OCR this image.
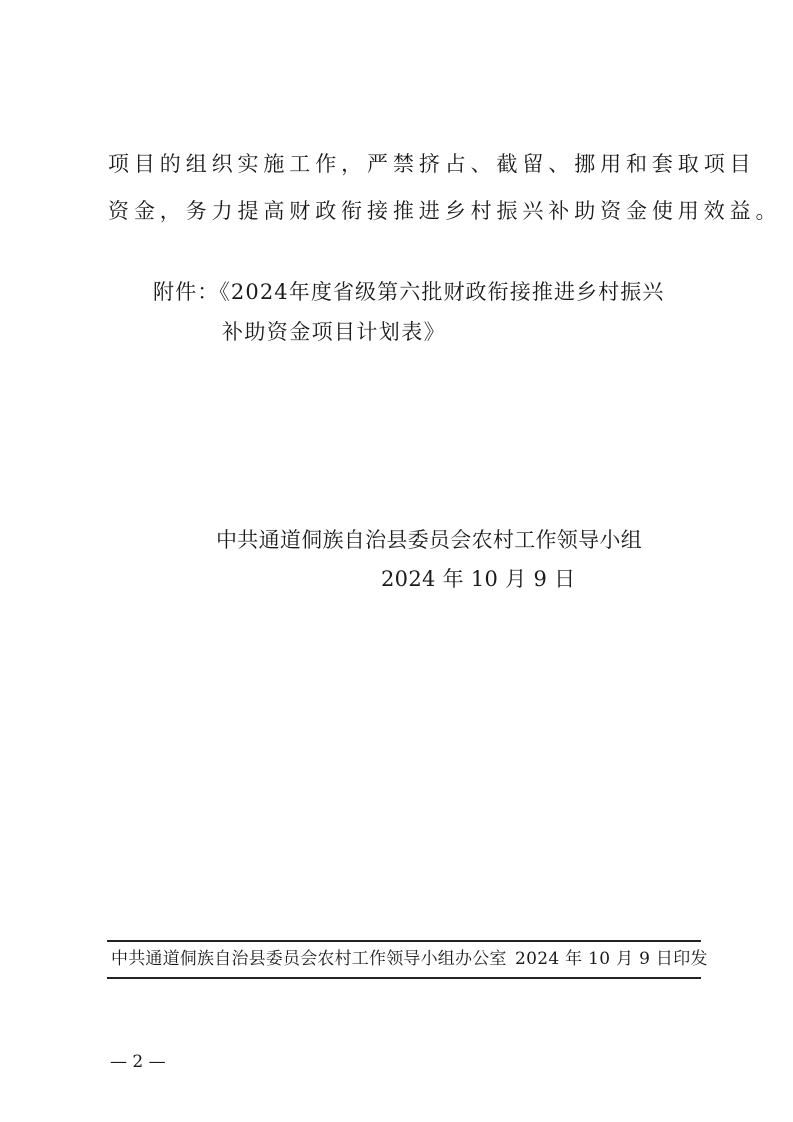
项目的组织实施工作，严禁挤占、截留、挪用和套取项目
资金，务力提高财政衔接推进乡村振兴补助资金使用效益。
附件：《2024年度省级第六批财政衔接推进乡村振兴
补助资金项目计划表》
中共通道侗族自治县委员会农村工作领导小组
2024 年 10 月 9 日
中共通道侗族自治县委员会农村工作领导小组办公室 2024 年 10 月 9 日印发
— 2 —
